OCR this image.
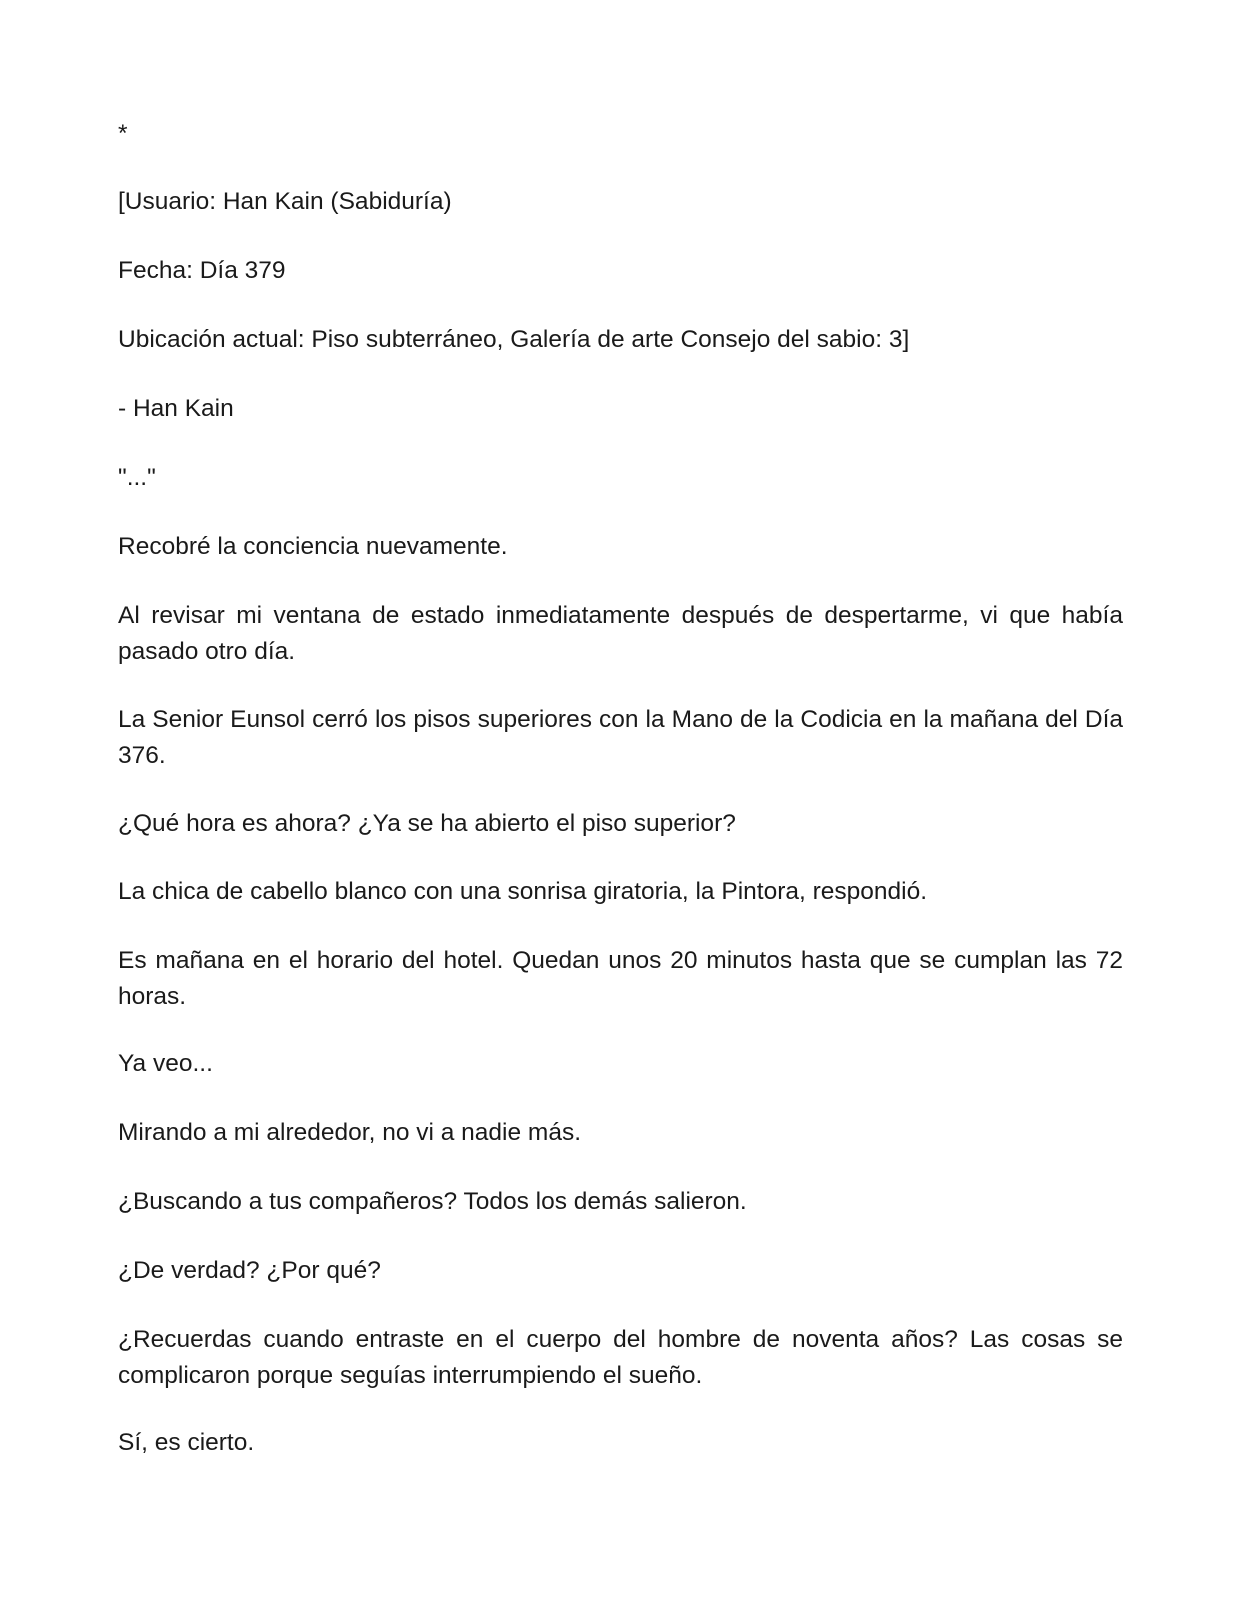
*

[Usuario: Han Kain (Sabiduría)

Fecha: Día 379

Ubicación actual: Piso subterráneo, Galería de arte Consejo del sabio: 3]

- Han Kain

"..."

Recobré la conciencia nuevamente.

Al revisar mi ventana de estado inmediatamente después de despertarme, vi que había pasado otro día.

La Senior Eunsol cerró los pisos superiores con la Mano de la Codicia en la mañana del Día 376.

¿Qué hora es ahora? ¿Ya se ha abierto el piso superior?

La chica de cabello blanco con una sonrisa giratoria, la Pintora, respondió.

Es mañana en el horario del hotel. Quedan unos 20 minutos hasta que se cumplan las 72 horas.

Ya veo...

Mirando a mi alrededor, no vi a nadie más.

¿Buscando a tus compañeros? Todos los demás salieron.

¿De verdad? ¿Por qué?

¿Recuerdas cuando entraste en el cuerpo del hombre de noventa años? Las cosas se complicaron porque seguías interrumpiendo el sueño.

Sí, es cierto.
